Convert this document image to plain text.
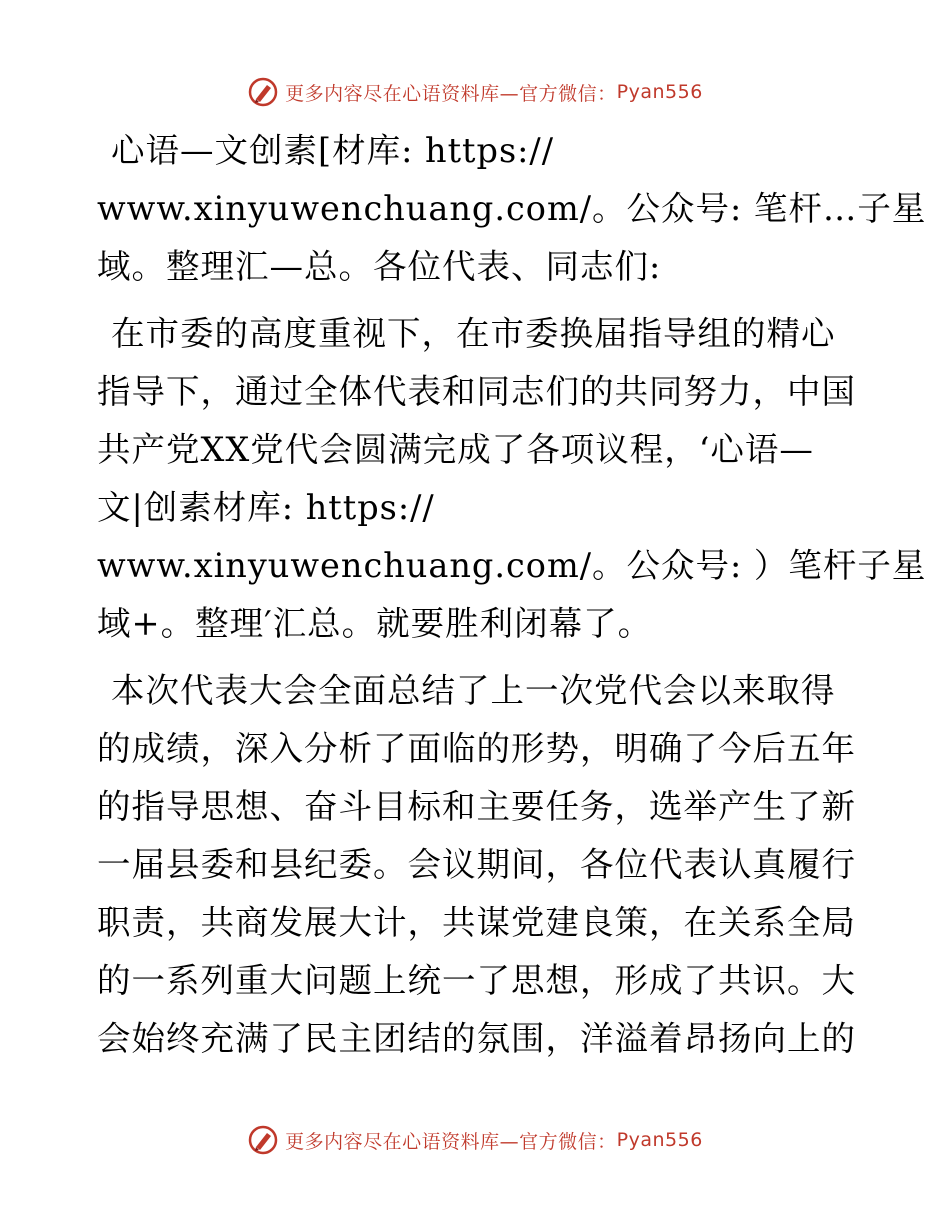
更多内容尽在心语资料库—官方微信： Pyan556

心语—文创素[材库: https://
www.xinyuwenchuang.com/。公众号: 笔杆…子星
域。整理汇—总。各位代表、同志们:

在市委的高度重视下，在市委换届指导组的精心
指导下，通过全体代表和同志们的共同努力，中国
共产党XX党代会圆满完成了各项议程，‘心语—
文|创素材库: https://
www.xinyuwenchuang.com/。公众号: ）笔杆子星
域+。整理′汇总。就要胜利闭幕了。

本次代表大会全面总结了上一次党代会以来取得
的成绩，深入分析了面临的形势，明确了今后五年
的指导思想、奋斗目标和主要任务，选举产生了新
一届县委和县纪委。会议期间，各位代表认真履行
职责，共商发展大计，共谋党建良策，在关系全局
的一系列重大问题上统一了思想，形成了共识。大
会始终充满了民主团结的氛围，洋溢着昂扬向上的

更多内容尽在心语资料库—官方微信： Pyan556
